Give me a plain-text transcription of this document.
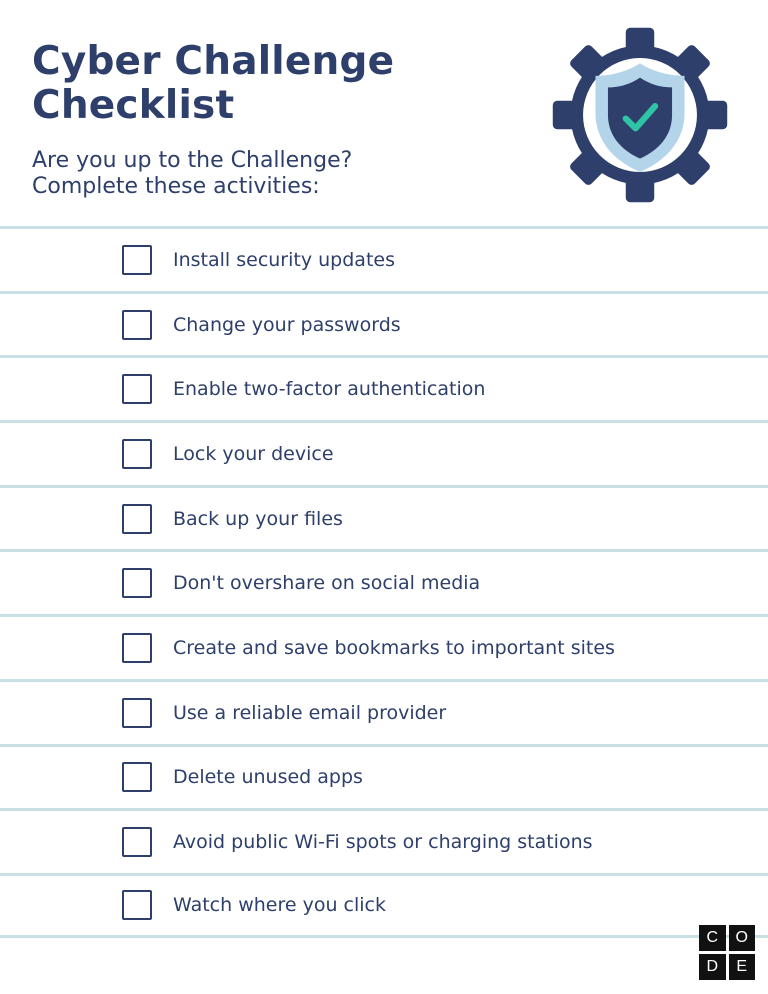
Cyber Challenge
Checklist

Are you up to the Challenge?
Complete these activities:

Install security updates
Change your passwords
Enable two-factor authentication
Lock your device
Back up your files
Don't overshare on social media
Create and save bookmarks to important sites
Use a reliable email provider
Delete unused apps
Avoid public Wi-Fi spots or charging stations
Watch where you click
C	O
D	E
